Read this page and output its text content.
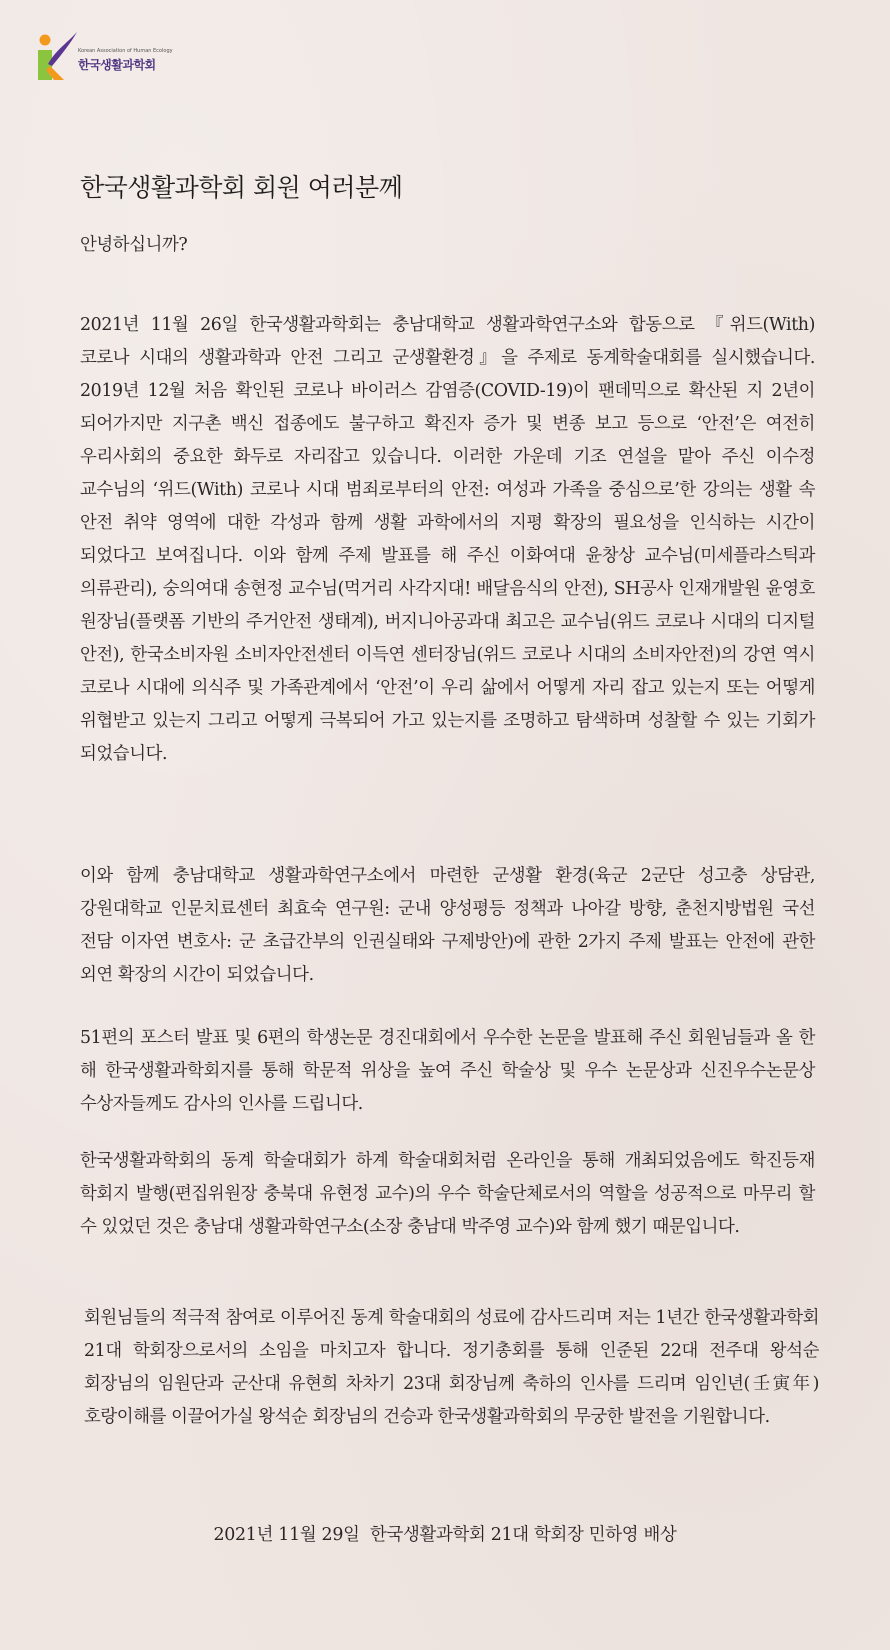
Korean Association of Human Ecology
한국생활과학회
한국생활과학회 회원 여러분께
안녕하십니까?
2021년 11월 26일 한국생활과학회는 충남대학교 생활과학연구소와 합동으로 『위드(With) 코로나 시대의 생활과학과 안전 그리고 군생활환경』을 주제로 동계학술대회를 실시했습니다. 2019년 12월 처음 확인된 코로나 바이러스 감염증(COVID-19)이 팬데믹으로 확산된 지 2년이 되어가지만 지구촌 백신 접종에도 불구하고 확진자 증가 및 변종 보고 등으로 ‘안전’은 여전히 우리사회의 중요한 화두로 자리잡고 있습니다. 이러한 가운데 기조 연설을 맡아 주신 이수정 교수님의 ‘위드(With) 코로나 시대 범죄로부터의 안전: 여성과 가족을 중심으로’한 강의는 생활 속 안전 취약 영역에 대한 각성과 함께 생활 과학에서의 지평 확장의 필요성을 인식하는 시간이 되었다고 보여집니다. 이와 함께 주제 발표를 해 주신 이화여대 윤창상 교수님(미세플라스틱과 의류관리), 숭의여대 송현정 교수님(먹거리 사각지대! 배달음식의 안전), SH공사 인재개발원 윤영호 원장님(플랫폼 기반의 주거안전 생태계), 버지니아공과대 최고은 교수님(위드 코로나 시대의 디지털 안전), 한국소비자원 소비자안전센터 이득연 센터장님(위드 코로나 시대의 소비자안전)의 강연 역시 코로나 시대에 의식주 및 가족관계에서 ‘안전’이 우리 삶에서 어떻게 자리 잡고 있는지 또는 어떻게 위협받고 있는지 그리고 어떻게 극복되어 가고 있는지를 조명하고 탐색하며 성찰할 수 있는 기회가 되었습니다.
이와 함께 충남대학교 생활과학연구소에서 마련한 군생활 환경(육군 2군단 성고충 상담관, 강원대학교 인문치료센터 최효숙 연구원: 군내 양성평등 정책과 나아갈 방향, 춘천지방법원 국선 전담 이자연 변호사: 군 초급간부의 인권실태와 구제방안)에 관한 2가지 주제 발표는 안전에 관한 외연 확장의 시간이 되었습니다.
51편의 포스터 발표 및 6편의 학생논문 경진대회에서 우수한 논문을 발표해 주신 회원님들과 올 한 해 한국생활과학회지를 통해 학문적 위상을 높여 주신 학술상 및 우수 논문상과 신진우수논문상 수상자들께도 감사의 인사를 드립니다.
한국생활과학회의 동계 학술대회가 하계 학술대회처럼 온라인을 통해 개최되었음에도 학진등재 학회지 발행(편집위원장 충북대 유현정 교수)의 우수 학술단체로서의 역할을 성공적으로 마무리 할 수 있었던 것은 충남대 생활과학연구소(소장 충남대 박주영 교수)와 함께 했기 때문입니다.
회원님들의 적극적 참여로 이루어진 동계 학술대회의 성료에 감사드리며 저는 1년간 한국생활과학회 21대 학회장으로서의 소임을 마치고자 합니다. 정기총회를 통해 인준된 22대 전주대 왕석순 회장님의 임원단과 군산대 유현희 차차기 23대 회장님께 축하의 인사를 드리며 임인년(壬寅年) 호랑이해를 이끌어가실 왕석순 회장님의 건승과 한국생활과학회의 무궁한 발전을 기원합니다.
2021년 11월 29일  한국생활과학회 21대 학회장 민하영 배상
